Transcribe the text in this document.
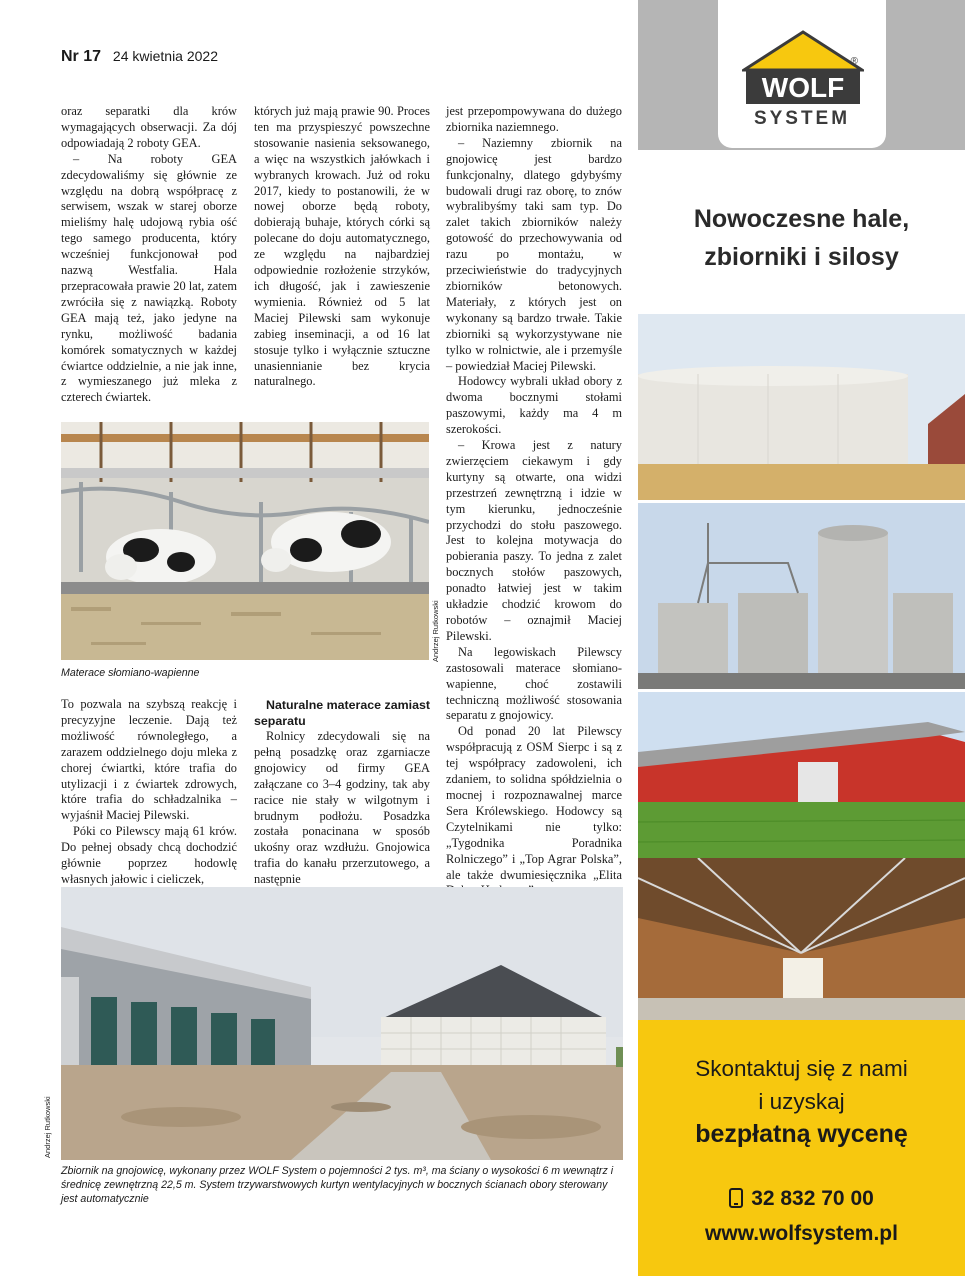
Nr 17 24 kwietnia 2022

oraz separatki dla krów wymagających obserwacji. Za dój odpowiadają 2 roboty GEA.

– Na roboty GEA zdecydowaliśmy się głównie ze względu na dobrą współpracę z serwisem, wszak w starej oborze mieliśmy halę udojową rybia ość tego samego producenta, który wcześniej funkcjonował pod nazwą Westfalia. Hala przepracowała prawie 20 lat, zatem zwróciła się z nawiązką. Roboty GEA mają też, jako jedyne na rynku, możliwość badania komórek somatycznych w każdej ćwiartce oddzielnie, a nie jak inne, z wymieszanego już mleka z czterech ćwiartek.

których już mają prawie 90. Proces ten ma przyspieszyć powszechne stosowanie nasienia seksowanego, a więc na wszystkich jałówkach i wybranych krowach. Już od roku 2017, kiedy to postanowili, że w nowej oborze będą roboty, dobierają buhaje, których córki są polecane do doju automatycznego, ze względu na najbardziej odpowiednie rozłożenie strzyków, ich długość, jak i zawieszenie wymienia. Również od 5 lat Maciej Pilewski sam wykonuje zabieg inseminacji, a od 16 lat stosuje tylko i wyłącznie sztuczne unasiennianie bez krycia naturalnego.

jest przepompowywana do dużego zbiornika naziemnego.

– Naziemny zbiornik na gnojowicę jest bardzo funkcjonalny, dlatego gdybyśmy budowali drugi raz oborę, to znów wybralibyśmy taki sam typ. Do zalet takich zbiorników należy gotowość do przechowywania od razu po montażu, w przeciwieństwie do tradycyjnych zbiorników betonowych. Materiały, z których jest on wykonany są bardzo trwałe. Takie zbiorniki są wykorzystywane nie tylko w rolnictwie, ale i przemyśle – powiedział Maciej Pilewski.

Hodowcy wybrali układ obory z dwoma bocznymi stołami paszowymi, każdy ma 4 m szerokości.

– Krowa jest z natury zwierzęciem ciekawym i gdy kurtyny są otwarte, ona widzi przestrzeń zewnętrzną i idzie w tym kierunku, jednocześnie przychodzi do stołu paszowego. Jest to kolejna motywacja do pobierania paszy. To jedna z zalet bocznych stołów paszowych, ponadto łatwiej jest w takim układzie chodzić krowom do robotów – oznajmił Maciej Pilewski.

Na legowiskach Pilewscy zastosowali materace słomiano-wapienne, choć zostawili techniczną możliwość stosowania separatu z gnojowicy.

Od ponad 20 lat Pilewscy współpracują z OSM Sierpc i są z tej współpracy zadowoleni, ich zdaniem, to solidna spółdzielnia o mocnej i rozpoznawalnej marce Sera Królewskiego. Hodowcy są Czytelnikami nie tylko: „Tygodnika Poradnika Rolniczego” i „Top Agrar Polska”, ale także dwumiesięcznika „Elita

Andrzej Rutkowski
Materace słomiano-wapienne

To pozwala na szybszą reakcję i precyzyjne leczenie. Dają też możliwość równoległego, a zarazem oddzielnego doju mleka z chorej ćwiartki, które trafia do utylizacji i z ćwiartek zdrowych, które trafia do schładzalnika – wyjaśnił Maciej Pilewski.

Póki co Pilewscy mają 61 krów. Do pełnej obsady chcą dochodzić głównie poprzez hodowlę własnych jałowic i cieliczek,

Naturalne materace zamiast separatu

Rolnicy zdecydowali się na pełną posadzkę oraz zgarniacze gnojowicy od firmy GEA załączane co 3–4 godziny, tak aby racice nie stały w wilgotnym i brudnym podłożu. Posadzka została ponacinana w sposób ukośny oraz wzdłużu. Gnojowica trafia do kanału przerzutowego, a następnie

Andrzej Rutkowski
Zbiornik na gnojowicę, wykonany przez WOLF System o pojemności 2 tys. m³, ma ściany o wysokości 6 m wewnątrz i średnicę zewnętrzną 22,5 m. System trzywarstwowych kurtyn wentylacyjnych w bocznych ścianach obory sterowany jest automatycznie
WOLF
®
SYSTEM
Nowoczesne hale,
zbiorniki i silosy
Skontaktuj się z nami
i uzyskaj
bezpłatną wycenę
32 832 70 00
www.wolfsystem.pl
